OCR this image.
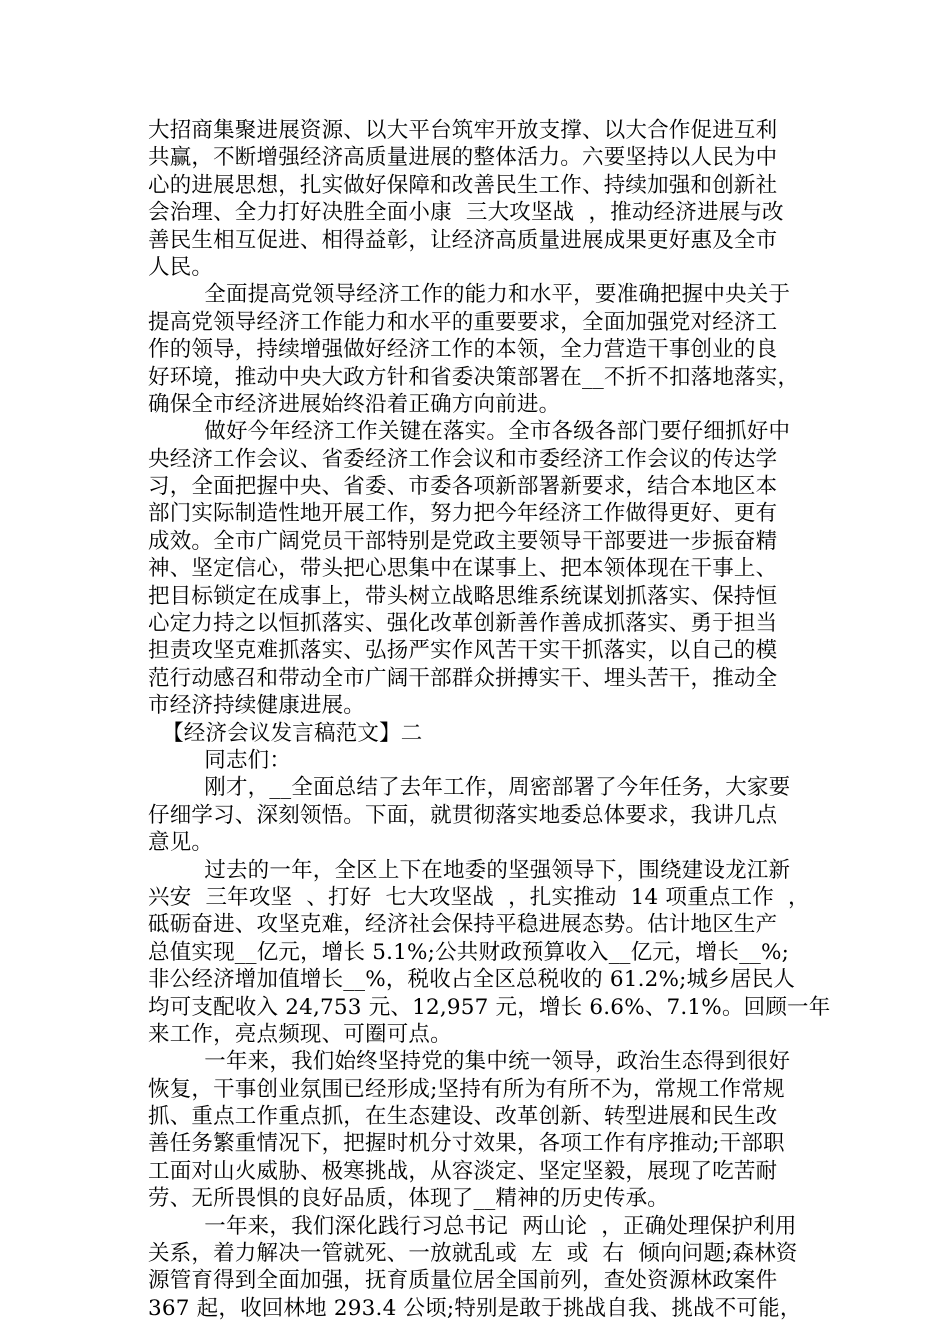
大招商集聚进展资源、以大平台筑牢开放支撑、以大合作促进互利
共赢，不断增强经济高质量进展的整体活力。六要坚持以人民为中
心的进展思想，扎实做好保障和改善民生工作、持续加强和创新社
会治理、全力打好决胜全面小康  三大攻坚战  ，推动经济进展与改
善民生相互促进、相得益彰，让经济高质量进展成果更好惠及全市
人民。
全面提高党领导经济工作的能力和水平，要准确把握中央关于
提高党领导经济工作能力和水平的重要要求，全面加强党对经济工
作的领导，持续增强做好经济工作的本领，全力营造干事创业的良
好环境，推动中央大政方针和省委决策部署在__不折不扣落地落实，
确保全市经济进展始终沿着正确方向前进。
做好今年经济工作关键在落实。全市各级各部门要仔细抓好中
央经济工作会议、省委经济工作会议和市委经济工作会议的传达学
习，全面把握中央、省委、市委各项新部署新要求，结合本地区本
部门实际制造性地开展工作，努力把今年经济工作做得更好、更有
成效。全市广阔党员干部特别是党政主要领导干部要进一步振奋精
神、坚定信心，带头把心思集中在谋事上、把本领体现在干事上、
把目标锁定在成事上，带头树立战略思维系统谋划抓落实、保持恒
心定力持之以恒抓落实、强化改革创新善作善成抓落实、勇于担当
担责攻坚克难抓落实、弘扬严实作风苦干实干抓落实，以自己的模
范行动感召和带动全市广阔干部群众拼搏实干、埋头苦干，推动全
市经济持续健康进展。
【经济会议发言稿范文】二
同志们：
刚才，__全面总结了去年工作，周密部署了今年任务，大家要
仔细学习、深刻领悟。下面，就贯彻落实地委总体要求，我讲几点
意见。
过去的一年，全区上下在地委的坚强领导下，围绕建设龙江新
兴安  三年攻坚  、打好  七大攻坚战  ，扎实推动  14 项重点工作  ，
砥砺奋进、攻坚克难，经济社会保持平稳进展态势。估计地区生产
总值实现__亿元，增长 5.1%;公共财政预算收入__亿元，增长__%;
非公经济增加值增长__%，税收占全区总税收的 61.2%;城乡居民人
均可支配收入 24,753 元、12,957 元，增长 6.6%、7.1%。回顾一年
来工作，亮点频现、可圈可点。
一年来，我们始终坚持党的集中统一领导，政治生态得到很好
恢复，干事创业氛围已经形成;坚持有所为有所不为，常规工作常规
抓、重点工作重点抓，在生态建设、改革创新、转型进展和民生改
善任务繁重情况下，把握时机分寸效果，各项工作有序推动;干部职
工面对山火威胁、极寒挑战，从容淡定、坚定坚毅，展现了吃苦耐
劳、无所畏惧的良好品质，体现了__精神的历史传承。
一年来，我们深化践行习总书记  两山论  ，正确处理保护利用
关系，着力解决一管就死、一放就乱或  左  或  右  倾向问题;森林资
源管育得到全面加强，抚育质量位居全国前列，查处资源林政案件
367 起，收回林地 293.4 公顷;特别是敢于挑战自我、挑战不可能，
